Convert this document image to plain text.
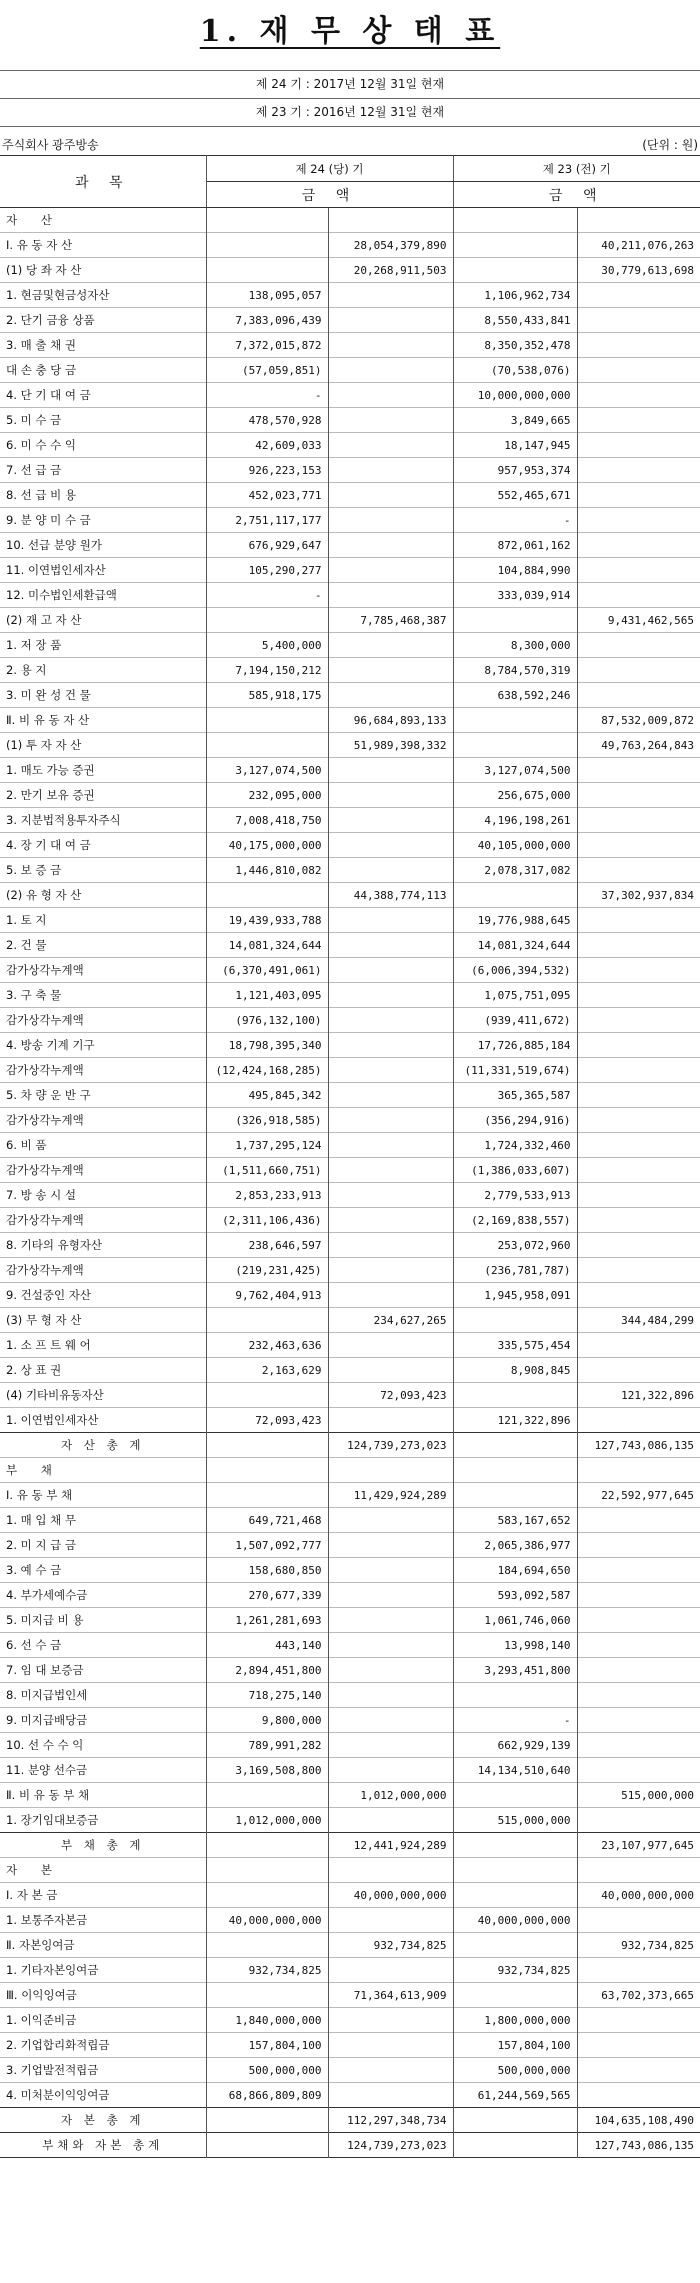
1. 재 무 상 태 표
제 24 기 : 2017년 12월 31일 현재
제 23 기 : 2016년 12월 31일 현재
주식회사 광주방송	(단위 : 원)
과 목	제 24 (당) 기		제 23 (전) 기	
	금 액		금 액	
자 산				
Ⅰ. 유 동 자 산		28,054,379,890		40,211,076,263
(1) 당 좌 자 산		20,268,911,503		30,779,613,698
1. 현금및현금성자산	138,095,057		1,106,962,734	
2. 단기 금융 상품	7,383,096,439		8,550,433,841	
3. 매 출 채 권	7,372,015,872		8,350,352,478	
대 손 충 당 금	(57,059,851)		(70,538,076)	
4. 단 기 대 여 금	-		10,000,000,000	
5. 미 수 금	478,570,928		3,849,665	
6. 미 수 수 익	42,609,033		18,147,945	
7. 선 급 금	926,223,153		957,953,374	
8. 선 급 비 용	452,023,771		552,465,671	
9. 분 양 미 수 금	2,751,117,177		-	
10. 선급 분양 원가	676,929,647		872,061,162	
11. 이연법인세자산	105,290,277		104,884,990	
12. 미수법인세환급액	-		333,039,914	
(2) 재 고 자 산		7,785,468,387		9,431,462,565
1. 저 장 품	5,400,000		8,300,000	
2. 용 지	7,194,150,212		8,784,570,319	
3. 미 완 성 건 물	585,918,175		638,592,246	
Ⅱ. 비 유 동 자 산		96,684,893,133		87,532,009,872
(1) 투 자 자 산		51,989,398,332		49,763,264,843
1. 매도 가능 증권	3,127,074,500		3,127,074,500	
2. 만기 보유 증권	232,095,000		256,675,000	
3. 지분법적용투자주식	7,008,418,750		4,196,198,261	
4. 장 기 대 여 금	40,175,000,000		40,105,000,000	
5. 보 증 금	1,446,810,082		2,078,317,082	
(2) 유 형 자 산		44,388,774,113		37,302,937,834
1. 토 지	19,439,933,788		19,776,988,645	
2. 건 물	14,081,324,644		14,081,324,644	
감가상각누계액	(6,370,491,061)		(6,006,394,532)	
3. 구 축 물	1,121,403,095		1,075,751,095	
감가상각누계액	(976,132,100)		(939,411,672)	
4. 방송 기계 기구	18,798,395,340		17,726,885,184	
감가상각누계액	(12,424,168,285)		(11,331,519,674)	
5. 차 량 운 반 구	495,845,342		365,365,587	
감가상각누계액	(326,918,585)		(356,294,916)	
6. 비 품	1,737,295,124		1,724,332,460	
감가상각누계액	(1,511,660,751)		(1,386,033,607)	
7. 방 송 시 설	2,853,233,913		2,779,533,913	
감가상각누계액	(2,311,106,436)		(2,169,838,557)	
8. 기타의 유형자산	238,646,597		253,072,960	
감가상각누계액	(219,231,425)		(236,781,787)	
9. 건설중인 자산	9,762,404,913		1,945,958,091	
(3) 무 형 자 산		234,627,265		344,484,299
1. 소 프 트 웨 어	232,463,636		335,575,454	
2. 상 표 권	2,163,629		8,908,845	
(4) 기타비유동자산		72,093,423		121,322,896
1. 이연법인세자산	72,093,423		121,322,896	
자 산 총 계		124,739,273,023		127,743,086,135
부 채				
Ⅰ. 유 동 부 채		11,429,924,289		22,592,977,645
1. 매 입 채 무	649,721,468		583,167,652	
2. 미 지 급 금	1,507,092,777		2,065,386,977	
3. 예 수 금	158,680,850		184,694,650	
4. 부가세예수금	270,677,339		593,092,587	
5. 미지급 비 용	1,261,281,693		1,061,746,060	
6. 선 수 금	443,140		13,998,140	
7. 임 대 보증금	2,894,451,800		3,293,451,800	
8. 미지급법인세	718,275,140			
9. 미지급배당금	9,800,000		-	
10. 선 수 수 익	789,991,282		662,929,139	
11. 분양 선수금	3,169,508,800		14,134,510,640	
Ⅱ. 비 유 동 부 채		1,012,000,000		515,000,000
1. 장기임대보증금	1,012,000,000		515,000,000	
부 채 총 계		12,441,924,289		23,107,977,645
자 본				
Ⅰ. 자 본 금		40,000,000,000		40,000,000,000
1. 보통주자본금	40,000,000,000		40,000,000,000	
Ⅱ. 자본잉여금		932,734,825		932,734,825
1. 기타자본잉여금	932,734,825		932,734,825	
Ⅲ. 이익잉여금		71,364,613,909		63,702,373,665
1. 이익준비금	1,840,000,000		1,800,000,000	
2. 기업합리화적립금	157,804,100		157,804,100	
3. 기업발전적립금	500,000,000		500,000,000	
4. 미처분이익잉여금	68,866,809,809		61,244,569,565	
자 본 총 계		112,297,348,734		104,635,108,490
부채와 자본 총계		124,739,273,023		127,743,086,135
